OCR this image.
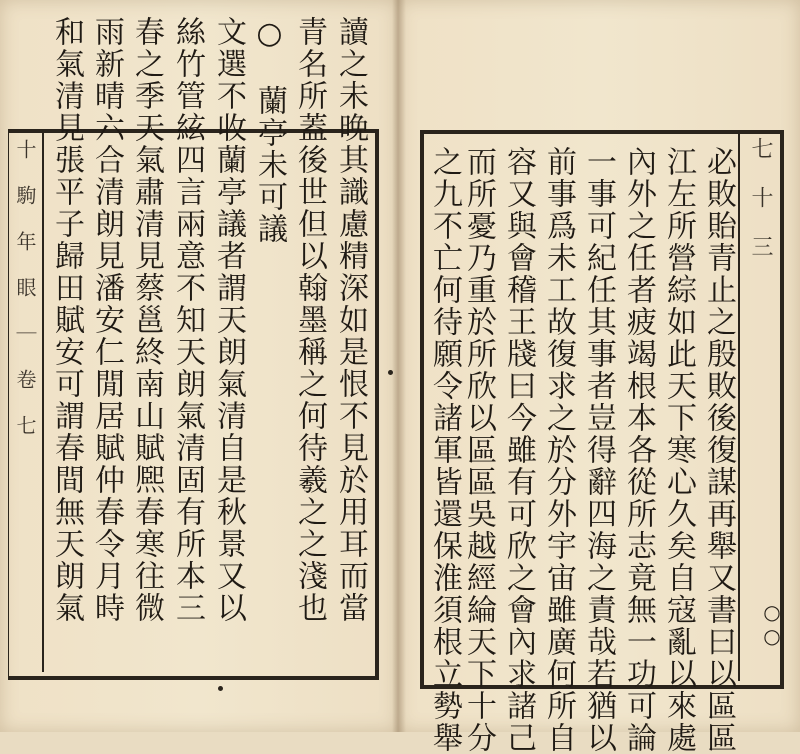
十 駒 年 眼 ｜ 卷 七	讀之未晚其識慮精深如是恨不見於用耳而當
青名所蓋後世但以翰墨稱之何待羲之之淺也
○　蘭亭未可議
文選不收蘭亭議者謂天朗氣清自是秋景又以
絲竹管絃四言兩意不知天朗氣清固有所本三
春之季天氣肅清見蔡邕終南山賦熈春寒往微
雨新晴六合清朗見潘安仁閒居賦仲春令月時
和氣清見張平子歸田賦安可謂春間無天朗氣	必敗貽青止之殷敗後復謀再舉又書曰以區區
江左所營綜如此天下寒心久矣自寇亂以來處
內外之任者疲竭根本各從所志竟無一功可論
一事可紀任其事者豈得辭四海之責哉若猶以
前事爲未工故復求之於分外宇宙雖廣何所自
容又與會稽王牋曰今雖有可欣之會內求諸己
而所憂乃重於所欣以區區吳越經綸天下十分
之九不亡何待願令諸軍皆還保淮須根立勢舉	七 十 三
○○
